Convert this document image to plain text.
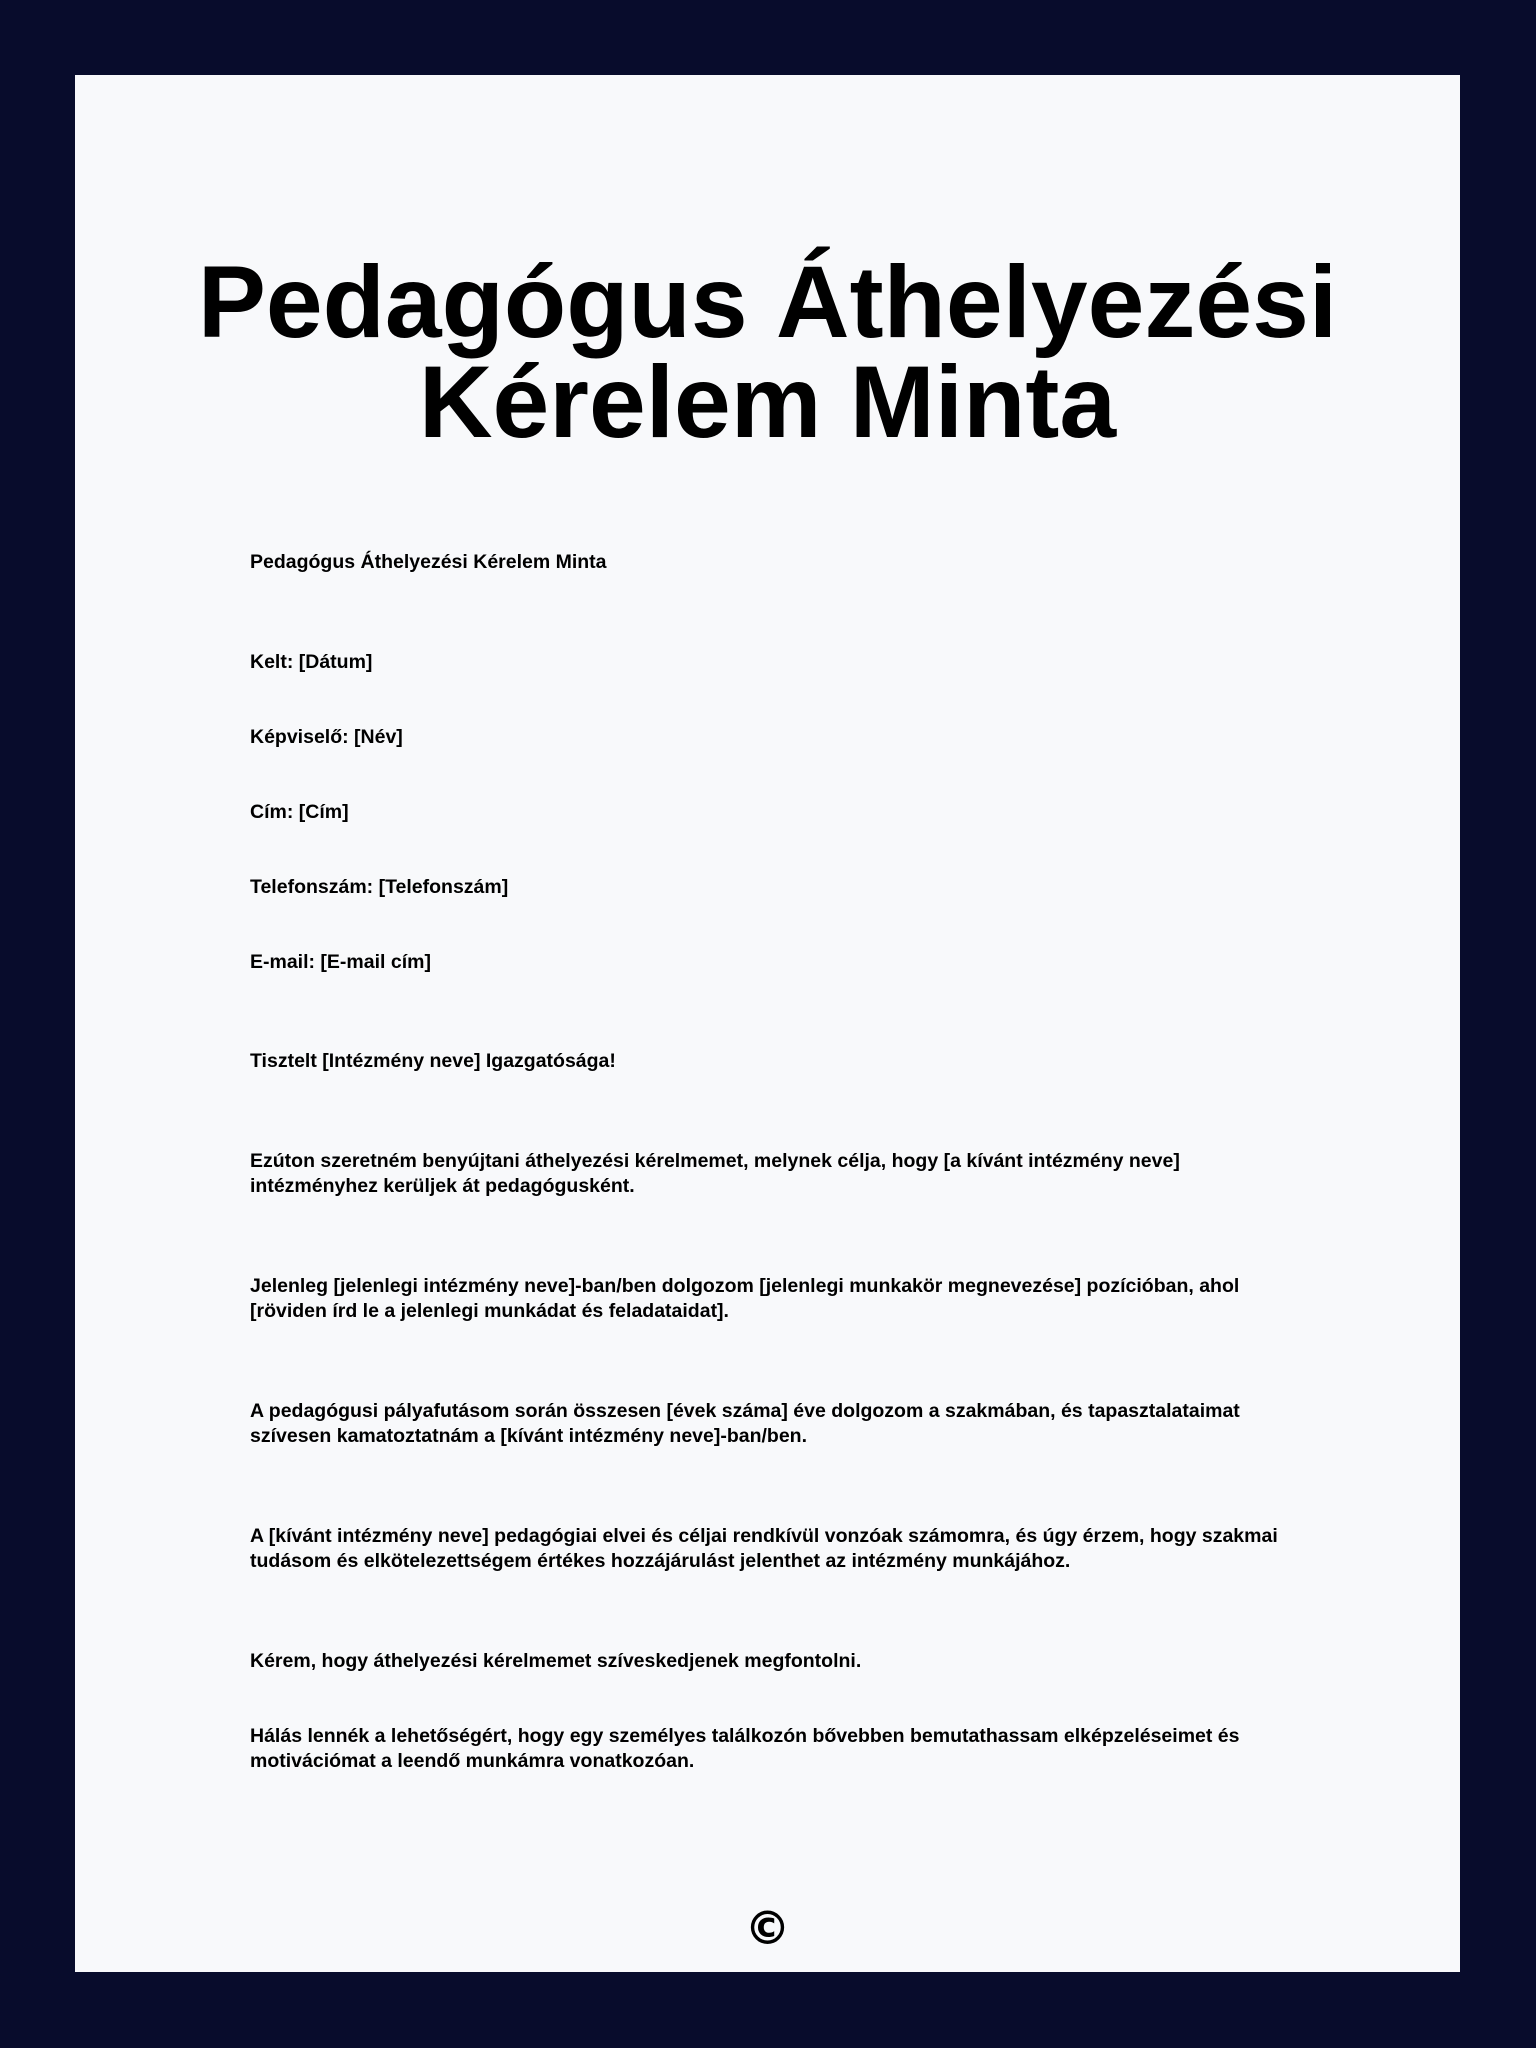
Pedagógus Áthelyezési Kérelem Minta

Pedagógus Áthelyezési Kérelem Minta

Kelt: [Dátum]

Képviselő: [Név]

Cím: [Cím]

Telefonszám: [Telefonszám]

E-mail: [E-mail cím]

Tisztelt [Intézmény neve] Igazgatósága!

Ezúton szeretném benyújtani áthelyezési kérelmemet, melynek célja, hogy [a kívánt intézmény neve] intézményhez kerüljek át pedagógusként.

Jelenleg [jelenlegi intézmény neve]-ban/ben dolgozom [jelenlegi munkakör megnevezése] pozícióban, ahol [röviden írd le a jelenlegi munkádat és feladataidat].

A pedagógusi pályafutásom során összesen [évek száma] éve dolgozom a szakmában, és tapasztalataimat szívesen kamatoztatnám a [kívánt intézmény neve]-ban/ben.

A [kívánt intézmény neve] pedagógiai elvei és céljai rendkívül vonzóak számomra, és úgy érzem, hogy szakmai tudásom és elkötelezettségem értékes hozzájárulást jelenthet az intézmény munkájához.

Kérem, hogy áthelyezési kérelmemet szíveskedjenek megfontolni.

Hálás lennék a lehetőségért, hogy egy személyes találkozón bővebben bemutathassam elképzeléseimet és motivációmat a leendő munkámra vonatkozóan.

©
